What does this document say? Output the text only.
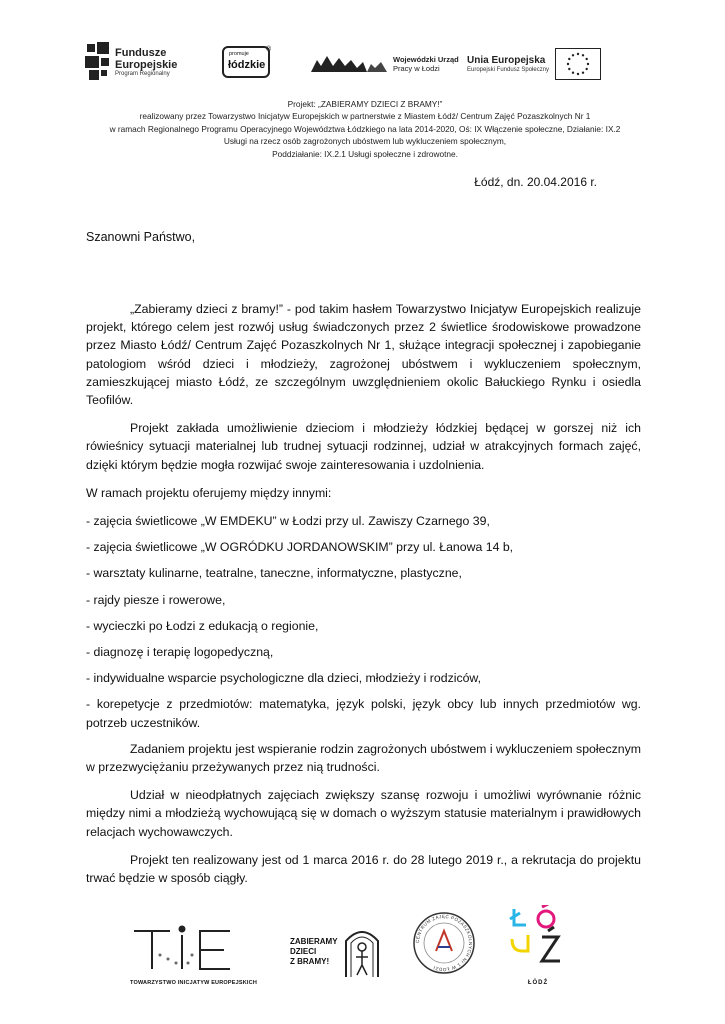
Fundusze
Europejskie
Program Regionalny
promuje
łódzkie
®
Wojewódzki Urząd
Pracy w Łodzi
Unia Europejska
Europejski Fundusz Społeczny
Projekt: „ZABIERAMY DZIECI Z BRAMY!”
realizowany przez Towarzystwo Inicjatyw Europejskich w partnerstwie z Miastem Łódź/ Centrum Zajęć Pozaszkolnych Nr 1
w ramach Regionalnego Programu Operacyjnego Województwa Łódzkiego na lata 2014-2020, Oś: IX Włączenie społeczne, Działanie: IX.2
Usługi na rzecz osób zagrożonych ubóstwem lub wykluczeniem społecznym,
Poddziałanie: IX.2.1 Usługi społeczne i zdrowotne.
Łódź, dn. 20.04.2016 r.
Szanowni Państwo,

„Zabieramy dzieci z bramy!” - pod takim hasłem Towarzystwo Inicjatyw Europejskich realizuje projekt, którego celem jest rozwój usług świadczonych przez 2 świetlice środowiskowe prowadzone przez Miasto Łódź/ Centrum Zajęć Pozaszkolnych Nr 1, służące integracji społecznej i zapobieganie patologiom wśród dzieci i młodzieży, zagrożonej ubóstwem i wykluczeniem społecznym, zamieszkującej miasto Łódź, ze szczególnym uwzględnieniem okolic Bałuckiego Rynku i osiedla Teofilów.

Projekt zakłada umożliwienie dzieciom i młodzieży łódzkiej będącej w gorszej niż ich rówieśnicy sytuacji materialnej lub trudnej sytuacji rodzinnej, udział w atrakcyjnych formach zajęć, dzięki którym będzie mogła rozwijać swoje zainteresowania i uzdolnienia.

W ramach projektu oferujemy między innymi:

- zajęcia świetlicowe „W EMDEKU” w Łodzi przy ul. Zawiszy Czarnego 39,

- zajęcia świetlicowe „W OGRÓDKU JORDANOWSKIM” przy ul. Łanowa 14 b,

- warsztaty kulinarne, teatralne, taneczne, informatyczne, plastyczne,

- rajdy piesze i rowerowe,

- wycieczki po Łodzi z edukacją o regionie,

- diagnozę i terapię logopedyczną,

- indywidualne wsparcie psychologiczne dla dzieci, młodzieży i rodziców,

- korepetycje z przedmiotów: matematyka, język polski, język obcy lub innych przedmiotów wg. potrzeb uczestników.

Zadaniem projektu jest wspieranie rodzin zagrożonych ubóstwem i wykluczeniem społecznym w przezwyciężaniu przeżywanych przez nią trudności.

Udział w nieodpłatnych zajęciach zwiększy szansę rozwoju i umożliwi wyrównanie różnic między nimi a młodzieżą wychowującą się w domach o wyższym statusie materialnym i prawidłowych relacjach wychowawczych.

Projekt ten realizowany jest od 1 marca 2016 r. do 28 lutego 2019 r., a rekrutacja do projektu trwać będzie w sposób ciągły.

TOWARZYSTWO INICJATYW EUROPEJSKICH
ZABIERAMY
DZIECI
Z BRAMY!
CENTRUM ZAJĘĆ POZASZKOLNYCH Nr 1 W ŁODZI
ŁÓDŹ
